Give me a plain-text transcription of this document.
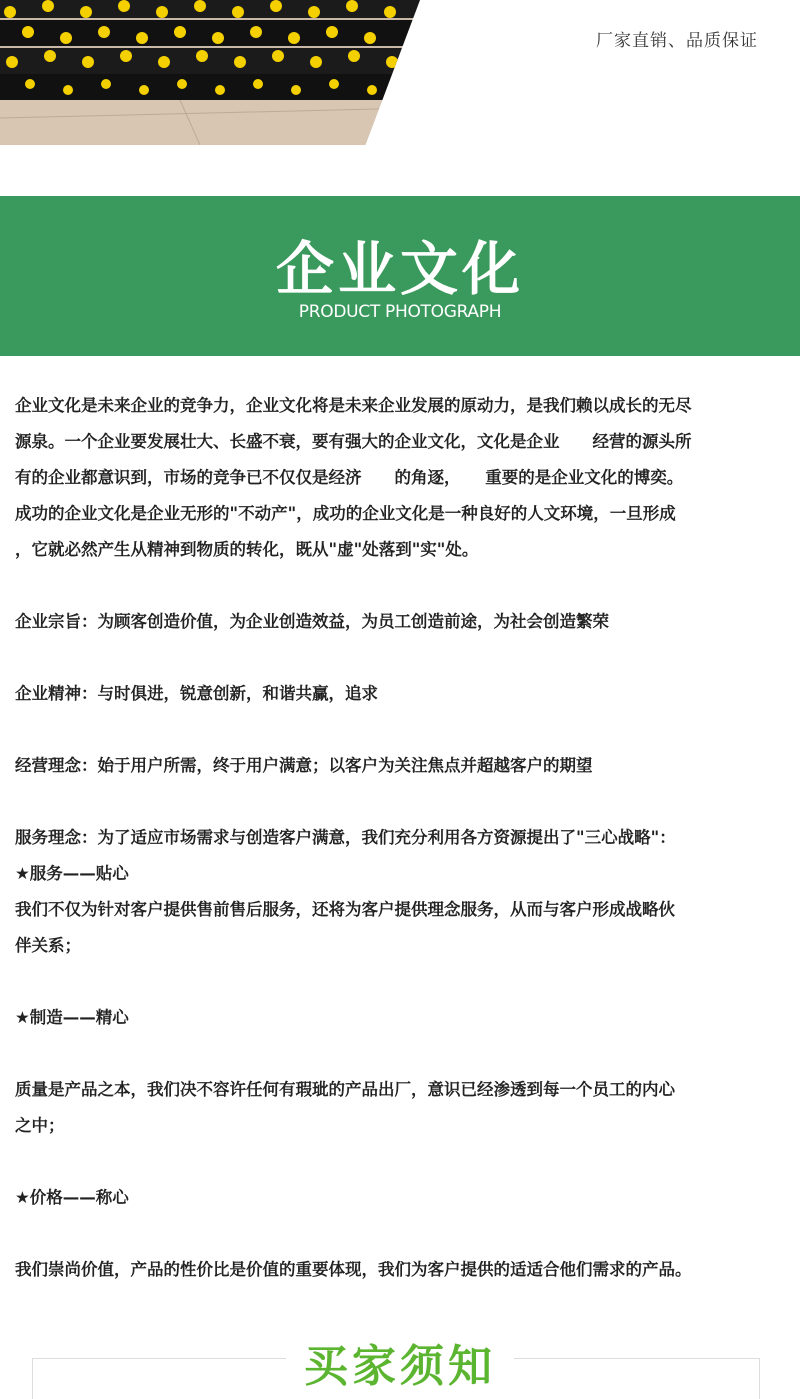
厂家直销、品质保证
企业文化
PRODUCT PHOTOGRAPH

企业文化是未来企业的竞争力，企业文化将是未来企业发展的原动力，是我们赖以成长的无尽

源泉。一个企业要发展壮大、长盛不衰，要有强大的企业文化，文化是企业　　经营的源头所

有的企业都意识到，市场的竞争已不仅仅是经济　　的角逐，　　重要的是企业文化的博奕。

成功的企业文化是企业无形的"不动产"，成功的企业文化是一种良好的人文环境，一旦形成

，它就必然产生从精神到物质的转化，既从"虚"处落到"实"处。

企业宗旨：为顾客创造价值，为企业创造效益，为员工创造前途，为社会创造繁荣

企业精神：与时俱进，锐意创新，和谐共赢，追求

经营理念：始于用户所需，终于用户满意；以客户为关注焦点并超越客户的期望

服务理念：为了适应市场需求与创造客户满意，我们充分利用各方资源提出了"三心战略"：

★服务——贴心

我们不仅为针对客户提供售前售后服务，还将为客户提供理念服务，从而与客户形成战略伙

伴关系；

★制造——精心

质量是产品之本，我们决不容许任何有瑕玼的产品出厂，意识已经渗透到每一个员工的内心

之中；

★价格——称心

我们崇尚价值，产品的性价比是价值的重要体现，我们为客户提供的适适合他们需求的产品。

买家须知
